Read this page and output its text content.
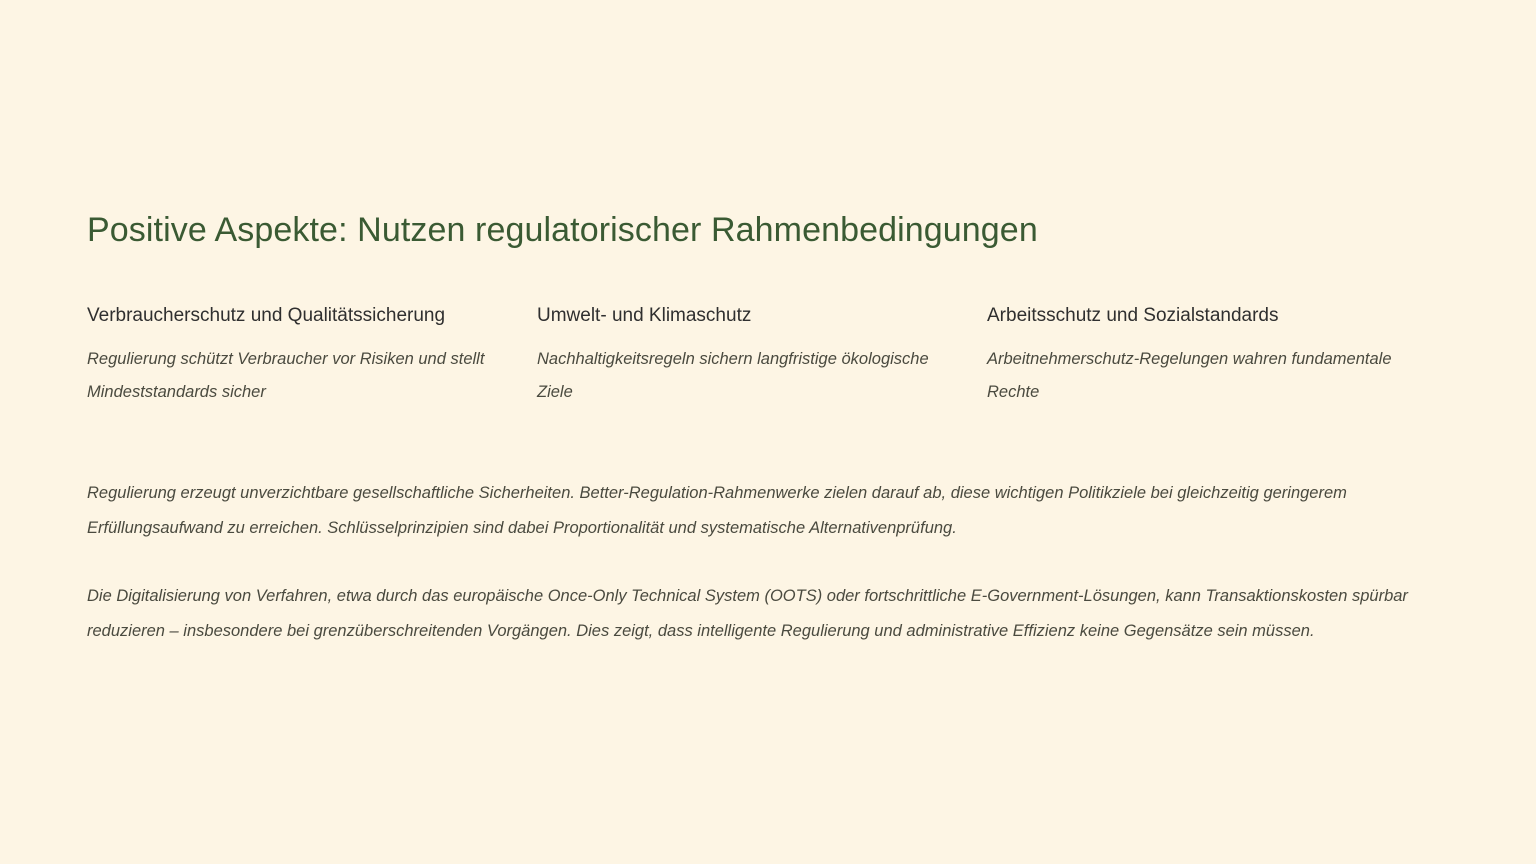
Positive Aspekte: Nutzen regulatorischer Rahmenbedingungen
Verbraucherschutz und Qualitätssicherung
Regulierung schützt Verbraucher vor Risiken und stellt Mindeststandards sicher
Umwelt- und Klimaschutz
Nachhaltigkeitsregeln sichern langfristige ökologische Ziele
Arbeitsschutz und Sozialstandards
Arbeitnehmerschutz-Regelungen wahren fundamentale Rechte

Regulierung erzeugt unverzichtbare gesellschaftliche Sicherheiten. Better-Regulation-Rahmenwerke zielen darauf ab, diese wichtigen Politikziele bei gleichzeitig geringerem Erfüllungsaufwand zu erreichen. Schlüsselprinzipien sind dabei Proportionalität und systematische Alternativenprüfung.

Die Digitalisierung von Verfahren, etwa durch das europäische Once-Only Technical System (OOTS) oder fortschrittliche E-Government-Lösungen, kann Transaktionskosten spürbar reduzieren – insbesondere bei grenzüberschreitenden Vorgängen. Dies zeigt, dass intelligente Regulierung und administrative Effizienz keine Gegensätze sein müssen.
